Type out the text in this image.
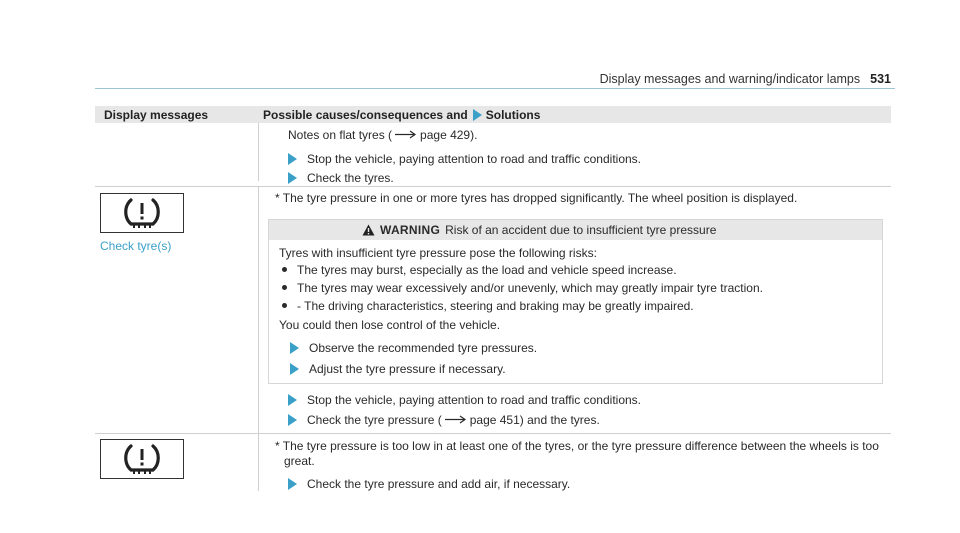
Display messages and warning/indicator lamps 531
Display messages	Possible causes/consequences and Solutions
Notes on flat tyres ( page 429).
Stop the vehicle, paying attention to road and traffic conditions.
Check the tyres.
Check tyre(s)
* The tyre pressure in one or more tyres has dropped significantly. The wheel position is displayed.
WARNING Risk of an accident due to insufficient tyre pressure
Tyres with insufficient tyre pressure pose the following risks:
The tyres may burst, especially as the load and vehicle speed increase.
The tyres may wear excessively and/or unevenly, which may greatly impair tyre traction.
- The driving characteristics, steering and braking may be greatly impaired.
You could then lose control of the vehicle.
Observe the recommended tyre pressures.
Adjust the tyre pressure if necessary.
Stop the vehicle, paying attention to road and traffic conditions.
Check the tyre pressure ( page 451) and the tyres.
* The tyre pressure is too low in at least one of the tyres, or the tyre pressure difference between the wheels is too
great.
Check the tyre pressure and add air, if necessary.
